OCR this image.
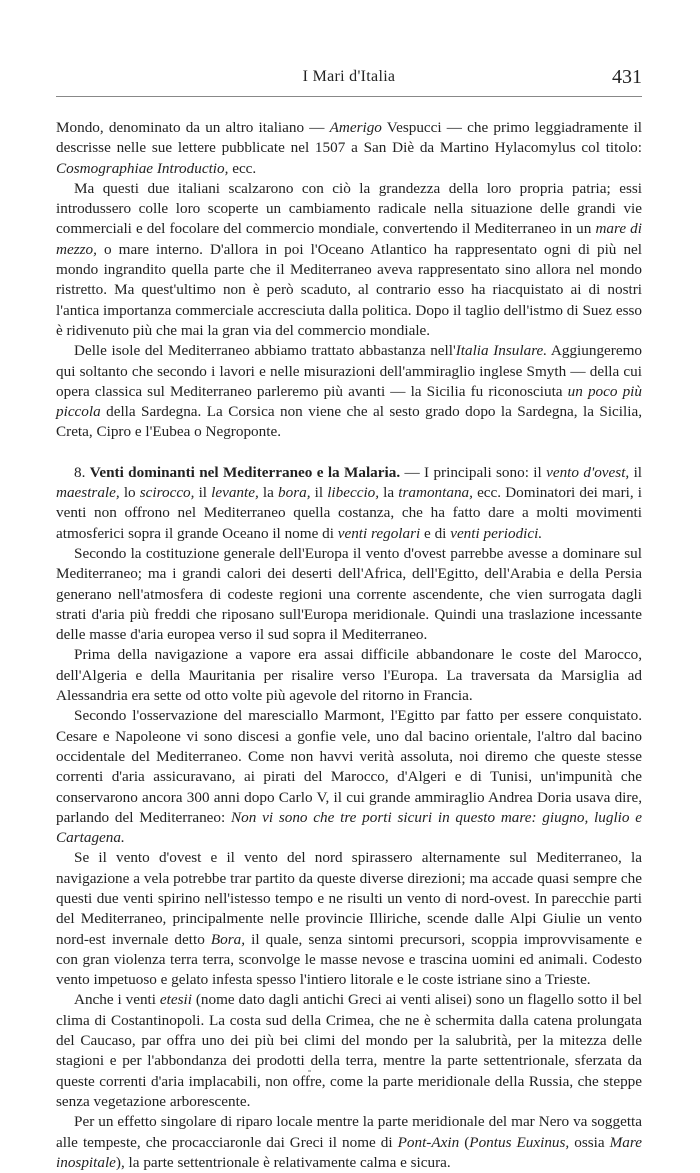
I Mari d'Italia	431

Mondo, denominato da un altro italiano — Amerigo Vespucci — che primo leggiadramente il descrisse nelle sue lettere pubblicate nel 1507 a San Diè da Martino Hylacomylus col titolo: Cosmographiae Introductio, ecc.

Ma questi due italiani scalzarono con ciò la grandezza della loro propria patria; essi introdussero colle loro scoperte un cambiamento radicale nella situazione delle grandi vie commerciali e del focolare del commercio mondiale, convertendo il Mediterraneo in un mare di mezzo, o mare interno. D'allora in poi l'Oceano Atlantico ha rappresentato ogni di più nel mondo ingrandito quella parte che il Mediterraneo aveva rappresentato sino allora nel mondo ristretto. Ma quest'ultimo non è però scaduto, al contrario esso ha riacquistato ai di nostri l'antica importanza commerciale accresciuta dalla politica. Dopo il taglio dell'istmo di Suez esso è ridivenuto più che mai la gran via del commercio mondiale.

Delle isole del Mediterraneo abbiamo trattato abbastanza nell'Italia Insulare. Aggiungeremo qui soltanto che secondo i lavori e nelle misurazioni dell'ammiraglio inglese Smyth — della cui opera classica sul Mediterraneo parleremo più avanti — la Sicilia fu riconosciuta un poco più piccola della Sardegna. La Corsica non viene che al sesto grado dopo la Sardegna, la Sicilia, Creta, Cipro e l'Eubea o Negroponte.

8. Venti dominanti nel Mediterraneo e la Malaria. — I principali sono: il vento d'ovest, il maestrale, lo scirocco, il levante, la bora, il libeccio, la tramontana, ecc. Dominatori dei mari, i venti non offrono nel Mediterraneo quella costanza, che ha fatto dare a molti movimenti atmosferici sopra il grande Oceano il nome di venti regolari e di venti periodici.

Secondo la costituzione generale dell'Europa il vento d'ovest parrebbe avesse a dominare sul Mediterraneo; ma i grandi calori dei deserti dell'Africa, dell'Egitto, dell'Arabia e della Persia generano nell'atmosfera di codeste regioni una corrente ascendente, che vien surrogata dagli strati d'aria più freddi che riposano sull'Europa meridionale. Quindi una traslazione incessante delle masse d'aria europea verso il sud sopra il Mediterraneo.

Prima della navigazione a vapore era assai difficile abbandonare le coste del Marocco, dell'Algeria e della Mauritania per risalire verso l'Europa. La traversata da Marsiglia ad Alessandria era sette od otto volte più agevole del ritorno in Francia.

Secondo l'osservazione del maresciallo Marmont, l'Egitto par fatto per essere conquistato. Cesare e Napoleone vi sono discesi a gonfie vele, uno dal bacino orientale, l'altro dal bacino occidentale del Mediterraneo. Come non havvi verità assoluta, noi diremo che queste stesse correnti d'aria assicuravano, ai pirati del Marocco, d'Algeri e di Tunisi, un'impunità che conservarono ancora 300 anni dopo Carlo V, il cui grande ammiraglio Andrea Doria usava dire, parlando del Mediterraneo: Non vi sono che tre porti sicuri in questo mare: giugno, luglio e Cartagena.

Se il vento d'ovest e il vento del nord spirassero alternamente sul Mediterraneo, la navigazione a vela potrebbe trar partito da queste diverse direzioni; ma accade quasi sempre che questi due venti spirino nell'istesso tempo e ne risulti un vento di nord-ovest. In parecchie parti del Mediterraneo, principalmente nelle provincie Illiriche, scende dalle Alpi Giulie un vento nord-est invernale detto Bora, il quale, senza sintomi precursori, scoppia improvvisamente e con gran violenza terra terra, sconvolge le masse nevose e trascina uomini ed animali. Codesto vento impetuoso e gelato infesta spesso l'intiero litorale e le coste istriane sino a Trieste.

Anche i venti etesii (nome dato dagli antichi Greci ai venti alisei) sono un flagello sotto il bel clima di Costantinopoli. La costa sud della Crimea, che ne è schermita dalla catena prolungata del Caucaso, par offra uno dei più bei climi del mondo per la salubrità, per la mitezza delle stagioni e per l'abbondanza dei prodotti della terra, mentre la parte settentrionale, sferzata da queste correnti d'aria implacabili, non offre, come la parte meridionale della Russia, che steppe senza vegetazione arborescente.

Per un effetto singolare di riparo locale mentre la parte meridionale del mar Nero va soggetta alle tempeste, che procacciaronle dai Greci il nome di Pont-Axin (Pontus Euxinus, ossia Mare inospitale), la parte settentrionale è relativamente calma e sicura.
